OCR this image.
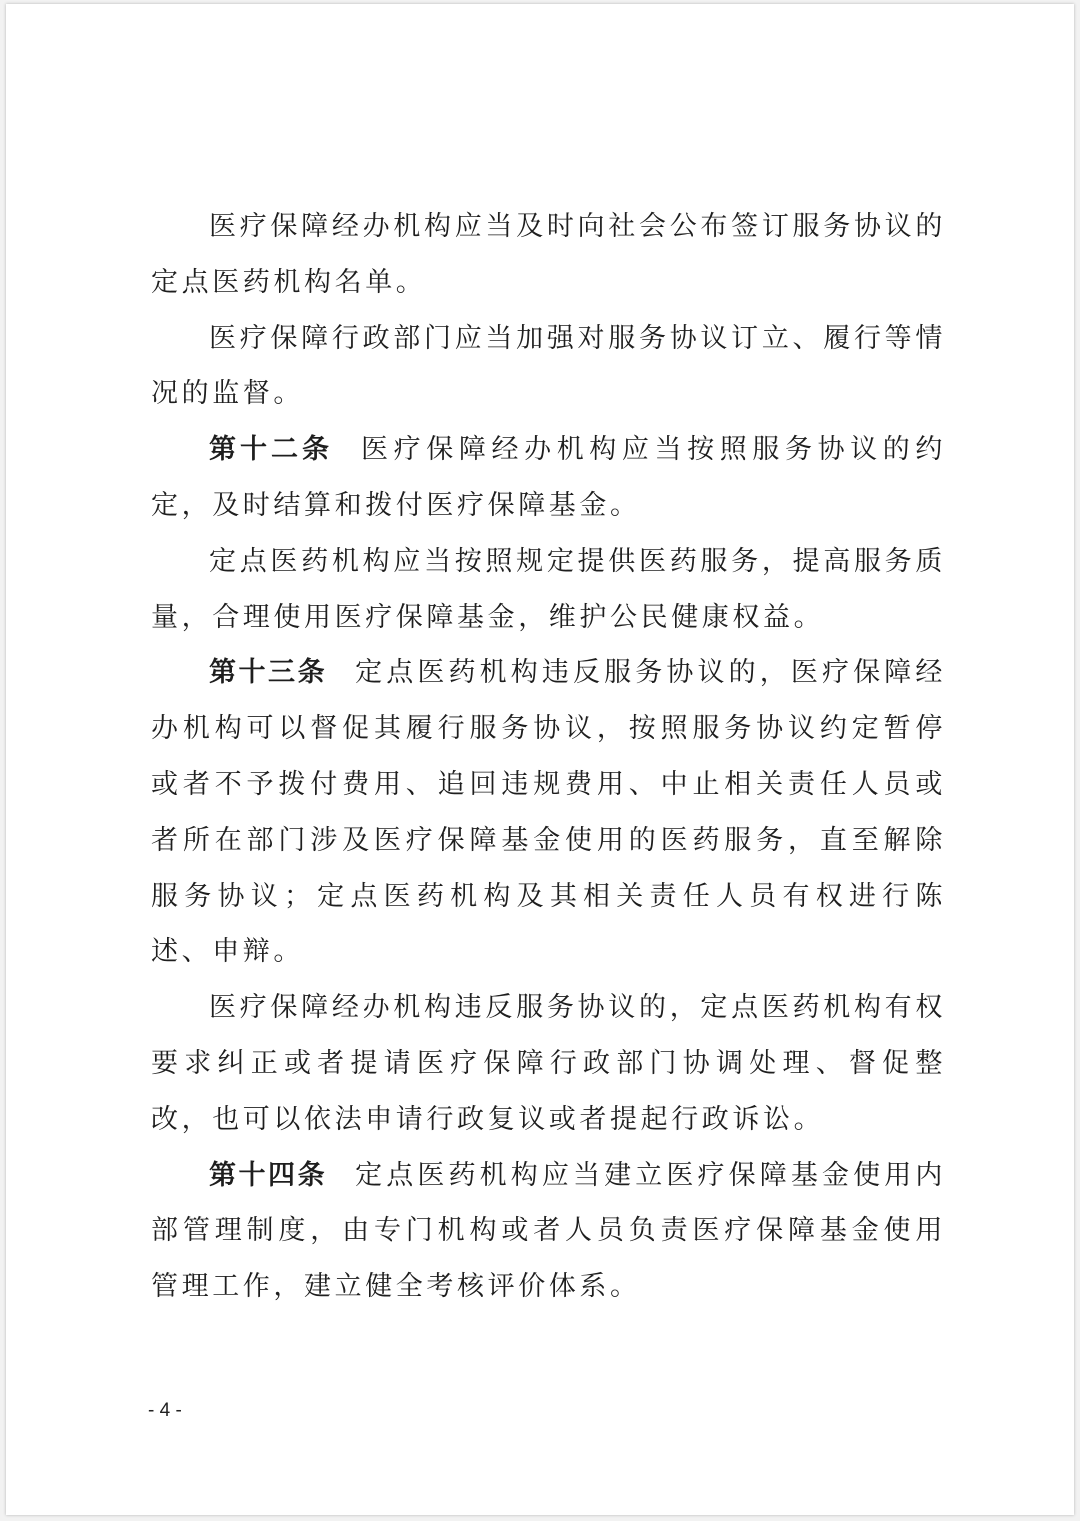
医疗保障经办机构应当及时向社会公布签订服务协议的定点医药机构名单。

医疗保障行政部门应当加强对服务协议订立、履行等情况的监督。

第十二条 医疗保障经办机构应当按照服务协议的约定，及时结算和拨付医疗保障基金。

定点医药机构应当按照规定提供医药服务，提高服务质量，合理使用医疗保障基金，维护公民健康权益。

第十三条 定点医药机构违反服务协议的，医疗保障经办机构可以督促其履行服务协议，按照服务协议约定暂停或者不予拨付费用、追回违规费用、中止相关责任人员或者所在部门涉及医疗保障基金使用的医药服务，直至解除服务协议；定点医药机构及其相关责任人员有权进行陈述、申辩。

医疗保障经办机构违反服务协议的，定点医药机构有权要求纠正或者提请医疗保障行政部门协调处理、督促整改，也可以依法申请行政复议或者提起行政诉讼。

第十四条 定点医药机构应当建立医疗保障基金使用内部管理制度，由专门机构或者人员负责医疗保障基金使用管理工作，建立健全考核评价体系。

- 4 -
